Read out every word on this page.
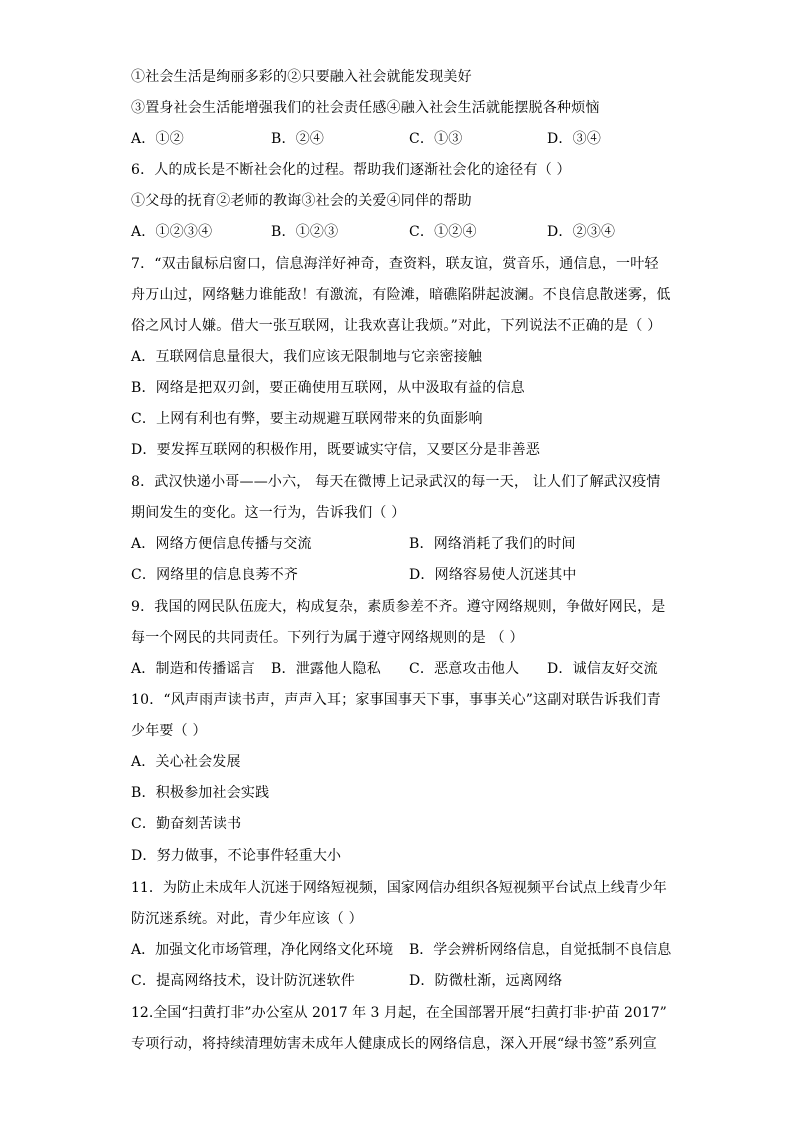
①社会生活是绚丽多彩的②只要融入社会就能发现美好
③置身社会生活能增强我们的社会责任感④融入社会生活就能摆脱各种烦恼
A．①②	B．②④	C．①③	D．③④
6．人的成长是不断社会化的过程。帮助我们逐渐社会化的途径有（ ）
①父母的抚育②老师的教诲③社会的关爱④同伴的帮助
A．①②③④	B．①②③	C．①②④	D．②③④
7．“双击鼠标启窗口，信息海洋好神奇，查资料，联友谊，赏音乐，通信息，一叶轻
舟万山过，网络魅力谁能敌！有激流，有险滩，暗礁陷阱起波澜。不良信息散迷雾，低
俗之风讨人嫌。借大一张互联网，让我欢喜让我烦。”对此，下列说法不正确的是（ ）
A．互联网信息量很大，我们应该无限制地与它亲密接触
B．网络是把双刃剑，要正确使用互联网，从中汲取有益的信息
C．上网有利也有弊，要主动规避互联网带来的负面影响
D．要发挥互联网的积极作用，既要诚实守信，又要区分是非善恶
8．武汉快递小哥——小六， 每天在微博上记录武汉的每一天， 让人们了解武汉疫情
期间发生的变化。这一行为，告诉我们（ ）
A．网络方便信息传播与交流	B．网络消耗了我们的时间
C．网络里的信息良莠不齐	D．网络容易使人沉迷其中
9．我国的网民队伍庞大，构成复杂，素质参差不齐。遵守网络规则，争做好网民，是
每一个网民的共同责任。下列行为属于遵守网络规则的是 （ ）
A．制造和传播谣言 B．泄露他人隐私 C．恶意攻击他人 D．诚信友好交流
10．“风声雨声读书声，声声入耳；家事国事天下事，事事关心”这副对联告诉我们青
少年要（ ）
A．关心社会发展
B．积极参加社会实践
C．勤奋刻苦读书
D．努力做事，不论事件轻重大小
11．为防止未成年人沉迷于网络短视频，国家网信办组织各短视频平台试点上线青少年
防沉迷系统。对此，青少年应该（ ）
A．加强文化市场管理，净化网络文化环境 B．学会辨析网络信息，自觉抵制不良信息
C．提高网络技术，设计防沉迷软件	D．防微杜渐，远离网络
12.全国“扫黄打非”办公室从 2017 年 3 月起，在全国部署开展“扫黄打非·护苗 2017”
专项行动，将持续清理妨害未成年人健康成长的网络信息，深入开展“绿书签”系列宣
